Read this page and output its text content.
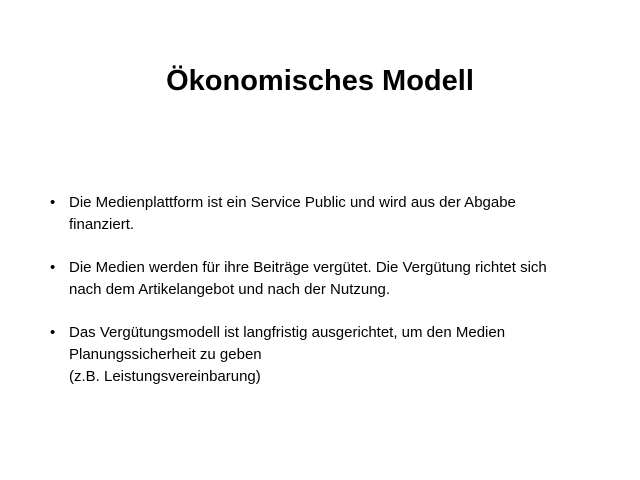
Ökonomisches Modell
• Die Medienplattform ist ein Service Public und wird aus der Abgabe
finanziert.
• Die Medien werden für ihre Beiträge vergütet. Die Vergütung richtet sich
nach dem Artikelangebot und nach der Nutzung.
• Das Vergütungsmodell ist langfristig ausgerichtet, um den Medien
Planungssicherheit zu geben
(z.B. Leistungsvereinbarung)
